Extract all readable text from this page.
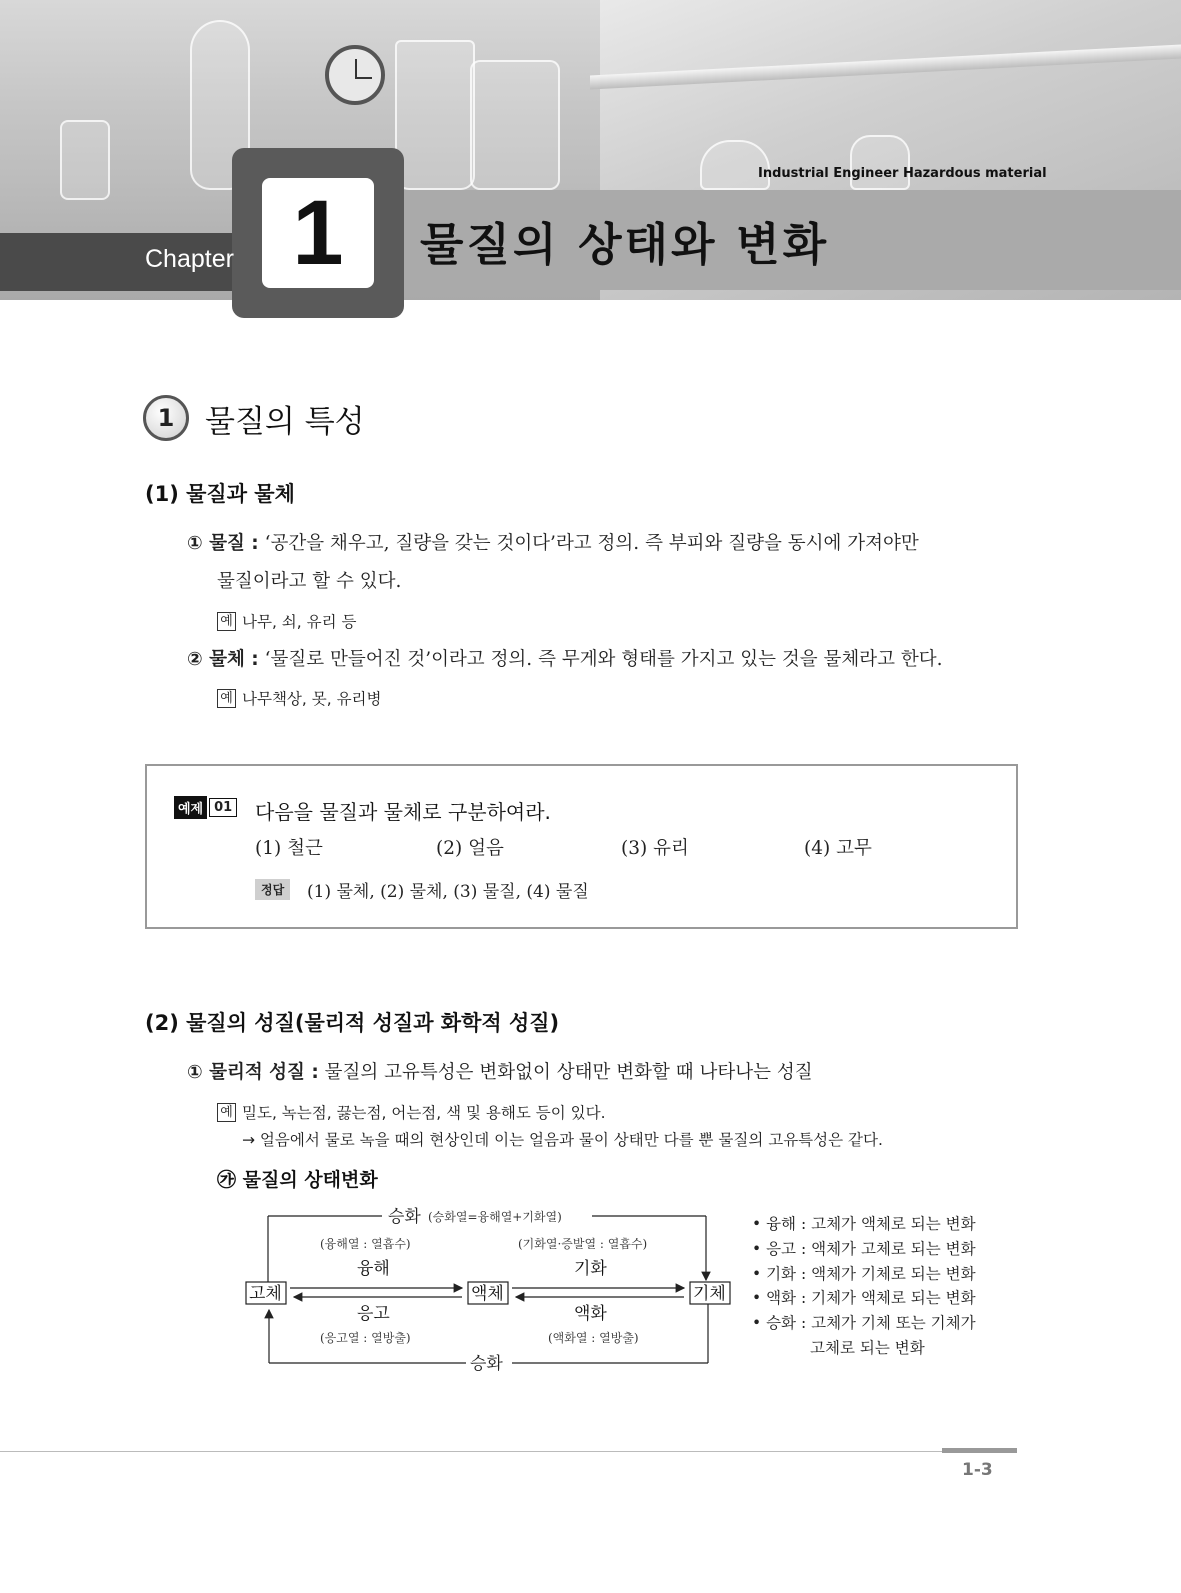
1
Chapter	물질의 상태와 변화
Industrial Engineer Hazardous material
1 물질의 특성
(1) 물질과 물체
① 물질 : ‘공간을 채우고, 질량을 갖는 것이다’라고 정의. 즉 부피와 질량을 동시에 가져야만
물질이라고 할 수 있다.
예 나무, 쇠, 유리 등
② 물체 : ‘물질로 만들어진 것’이라고 정의. 즉 무게와 형태를 가지고 있는 것을 물체라고 한다.
예 나무책상, 못, 유리병
예제 01 다음을 물질과 물체로 구분하여라.
(1) 철근	(2) 얼음	(3) 유리	(4) 고무
정답	(1) 물체, (2) 물체, (3) 물질, (4) 물질
(2) 물질의 성질(물리적 성질과 화학적 성질)
① 물리적 성질 : 물질의 고유특성은 변화없이 상태만 변화할 때 나타나는 성질
예 밀도, 녹는점, 끓는점, 어는점, 색 및 용해도 등이 있다.
→ 얼음에서 물로 녹을 때의 현상인데 이는 얼음과 물이 상태만 다를 뿐 물질의 고유특성은 같다.
㉮ 물질의 상태변화
승화 (승화열=융해열+기화열)
고체	액체	기체
(융해열 : 열흡수)
융해
응고
(응고열 : 열방출)
(기화열·증발열 : 열흡수)
기화
액화
(액화열 : 열방출)
승화
• 융해 : 고체가 액체로 되는 변화
• 응고 : 액체가 고체로 되는 변화
• 기화 : 액체가 기체로 되는 변화
• 액화 : 기체가 액체로 되는 변화
• 승화 : 고체가 기체 또는 기체가
고체로 되는 변화
1-3
